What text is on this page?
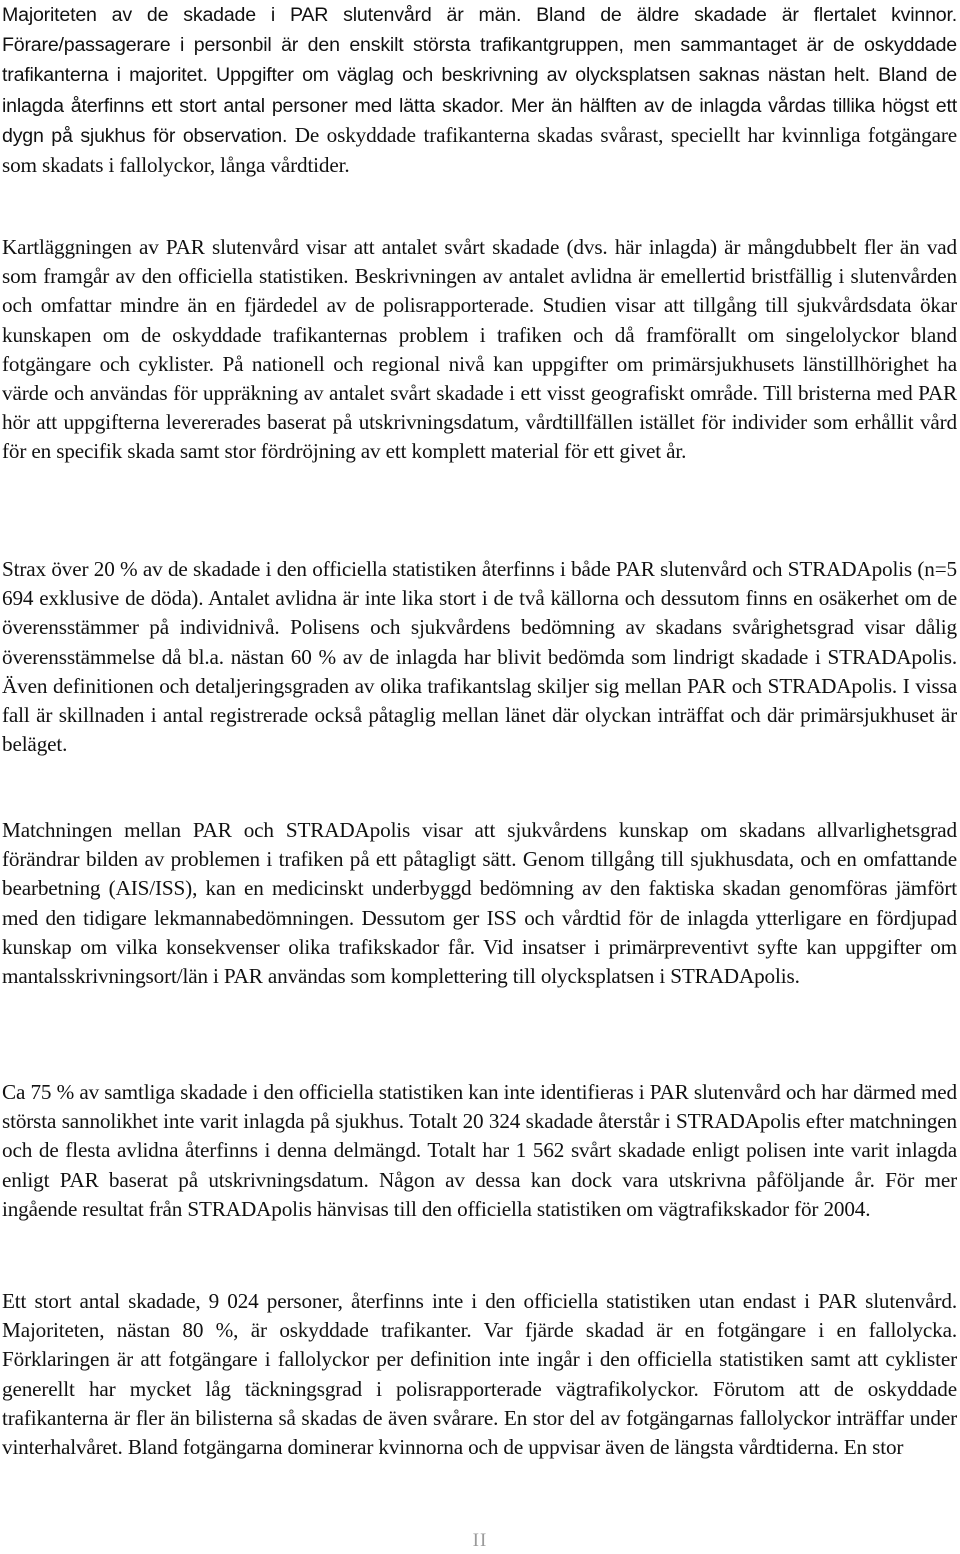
Majoriteten av de skadade i PAR slutenvård är män. Bland de äldre skadade är flertalet kvinnor. Förare/passagerare i personbil är den enskilt största trafikantgruppen, men sammantaget är de oskyddade trafikanterna i majoritet. Uppgifter om väglag och beskrivning av olycksplatsen saknas nästan helt. Bland de inlagda återfinns ett stort antal personer med lätta skador. Mer än hälften av de inlagda vårdas tillika högst ett dygn på sjukhus för observation. De oskyddade trafikanterna skadas svårast, speciellt har kvinnliga fotgängare som skadats i fallolyckor, långa vårdtider.

Kartläggningen av PAR slutenvård visar att antalet svårt skadade (dvs. här inlagda) är mångdubbelt fler än vad som framgår av den officiella statistiken. Beskrivningen av antalet avlidna är emellertid bristfällig i slutenvården och omfattar mindre än en fjärdedel av de polisrapporterade. Studien visar att tillgång till sjukvårdsdata ökar kunskapen om de oskyddade trafikanternas problem i trafiken och då framförallt om singelolyckor bland fotgängare och cyklister. På nationell och regional nivå kan uppgifter om primärsjukhusets länstillhörighet ha värde och användas för uppräkning av antalet svårt skadade i ett visst geografiskt område. Till bristerna med PAR hör att uppgifterna levererades baserat på utskrivningsdatum, vårdtillfällen istället för individer som erhållit vård för en specifik skada samt stor fördröjning av ett komplett material för ett givet år.

Strax över 20 % av de skadade i den officiella statistiken återfinns i både PAR slutenvård och STRADApolis (n=5 694 exklusive de döda). Antalet avlidna är inte lika stort i de två källorna och dessutom finns en osäkerhet om de överensstämmer på individnivå. Polisens och sjukvårdens bedömning av skadans svårighetsgrad visar dålig överensstämmelse då bl.a. nästan 60 % av de inlagda har blivit bedömda som lindrigt skadade i STRADApolis. Även definitionen och detaljeringsgraden av olika trafikantslag skiljer sig mellan PAR och STRADApolis. I vissa fall är skillnaden i antal registrerade också påtaglig mellan länet där olyckan inträffat och där primärsjukhuset är beläget.

Matchningen mellan PAR och STRADApolis visar att sjukvårdens kunskap om skadans allvarlighetsgrad förändrar bilden av problemen i trafiken på ett påtagligt sätt. Genom tillgång till sjukhusdata, och en omfattande bearbetning (AIS/ISS), kan en medicinskt underbyggd bedömning av den faktiska skadan genomföras jämfört med den tidigare lekmannabedömningen. Dessutom ger ISS och vårdtid för de inlagda ytterligare en fördjupad kunskap om vilka konsekvenser olika trafikskador får. Vid insatser i primärpreventivt syfte kan uppgifter om mantalsskrivningsort/län i PAR användas som komplettering till olycksplatsen i STRADApolis.

Ca 75 % av samtliga skadade i den officiella statistiken kan inte identifieras i PAR slutenvård och har därmed med största sannolikhet inte varit inlagda på sjukhus. Totalt 20 324 skadade återstår i STRADApolis efter matchningen och de flesta avlidna återfinns i denna delmängd. Totalt har 1 562 svårt skadade enligt polisen inte varit inlagda enligt PAR baserat på utskrivningsdatum. Någon av dessa kan dock vara utskrivna påföljande år. För mer ingående resultat från STRADApolis hänvisas till den officiella statistiken om vägtrafikskador för 2004.

Ett stort antal skadade, 9 024 personer, återfinns inte i den officiella statistiken utan endast i PAR slutenvård. Majoriteten, nästan 80 %, är oskyddade trafikanter. Var fjärde skadad är en fotgängare i en fallolycka. Förklaringen är att fotgängare i fallolyckor per definition inte ingår i den officiella statistiken samt att cyklister generellt har mycket låg täckningsgrad i polisrapporterade vägtrafikolyckor. Förutom att de oskyddade trafikanterna är fler än bilisterna så skadas de även svårare. En stor del av fotgängarnas fallolyckor inträffar under vinterhalvåret. Bland fotgängarna dominerar kvinnorna och de uppvisar även de längsta vårdtiderna. En stor

II
